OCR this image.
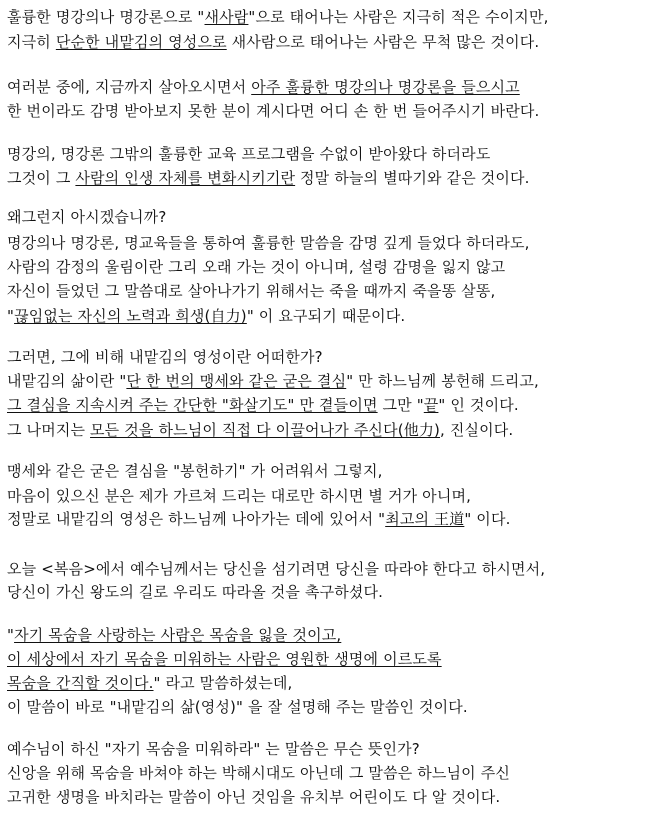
훌륭한 명강의나 명강론으로 "새사람"으로 태어나는 사람은 지극히 적은 수이지만,
지극히 단순한 내맡김의 영성으로 새사람으로 태어나는 사람은 무척 많은 것이다.
여러분 중에, 지금까지 살아오시면서 아주 훌륭한 명강의나 명강론을 들으시고
한 번이라도 감명 받아보지 못한 분이 계시다면 어디 손 한 번 들어주시기 바란다.
명강의, 명강론 그밖의 훌륭한 교육 프로그램을 수없이 받아왔다 하더라도
그것이 그 사람의 인생 자체를 변화시키기란 정말 하늘의 별따기와 같은 것이다.
왜그런지 아시겠습니까?
명강의나 명강론, 명교육들을 통하여 훌륭한 말씀을 감명 깊게 들었다 하더라도,
사람의 감정의 울림이란 그리 오래 가는 것이 아니며, 설령 감명을 잃지 않고
자신이 들었던 그 말씀대로 살아나가기 위해서는 죽을 때까지 죽을똥 살똥,
"끊임없는 자신의 노력과 희생(自力)" 이 요구되기 때문이다.
그러면, 그에 비해 내맡김의 영성이란 어떠한가?
내맡김의 삶이란 "단 한 번의 맹세와 같은 굳은 결심" 만 하느님께 봉헌해 드리고,
그 결심을 지속시켜 주는 간단한 "화살기도" 만 곁들이면 그만 "끝" 인 것이다.
그 나머지는 모든 것을 하느님이 직접 다 이끌어나가 주신다(他力), 진실이다.
맹세와 같은 굳은 결심을 "봉헌하기" 가 어려워서 그렇지,
마음이 있으신 분은 제가 가르쳐 드리는 대로만 하시면 별 거가 아니며,
정말로 내맡김의 영성은 하느님께 나아가는 데에 있어서 "최고의 王道" 이다.
오늘 <복음>에서 예수님께서는 당신을 섬기려면 당신을 따라야 한다고 하시면서,
당신이 가신 왕도의 길로 우리도 따라올 것을 촉구하셨다.
"자기 목숨을 사랑하는 사람은 목숨을 잃을 것이고,
이 세상에서 자기 목숨을 미워하는 사람은 영원한 생명에 이르도록
목숨을 간직할 것이다." 라고 말씀하셨는데,
이 말씀이 바로 "내맡김의 삶(영성)" 을 잘 설명해 주는 말씀인 것이다.
예수님이 하신 "자기 목숨을 미워하라" 는 말씀은 무슨 뜻인가?
신앙을 위해 목숨을 바쳐야 하는 박해시대도 아닌데 그 말씀은 하느님이 주신
고귀한 생명을 바치라는 말씀이 아닌 것임을 유치부 어린이도 다 알 것이다.
